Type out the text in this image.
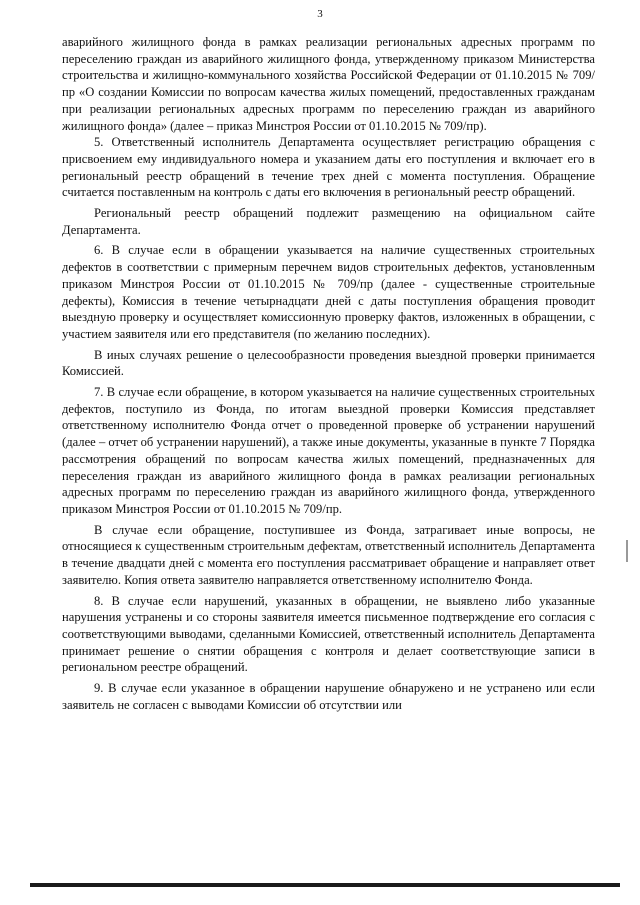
3

аварийного жилищного фонда в рамках реализации региональных адресных программ по переселению граждан из аварийного жилищного фонда, утвержденному приказом Министерства строительства и жилищно-коммунального хозяйства Российской Федерации от 01.10.2015 № 709/пр «О создании Комиссии по вопросам качества жилых помещений, предоставленных гражданам при реализации региональных адресных программ по переселению граждан из аварийного жилищного фонда» (далее – приказ Минстроя России от 01.10.2015 № 709/пр).

5. Ответственный исполнитель Департамента осуществляет регистрацию обращения с присвоением ему индивидуального номера и указанием даты его поступления и включает его в региональный реестр обращений в течение трех дней с момента поступления. Обращение считается поставленным на контроль с даты его включения в региональный реестр обращений.

Региональный реестр обращений подлежит размещению на официальном сайте Департамента.

6. В случае если в обращении указывается на наличие существенных строительных дефектов в соответствии с примерным перечнем видов строительных дефектов, установленным приказом Минстроя России от 01.10.2015 № 709/пр (далее - существенные строительные дефекты), Комиссия в течение четырнадцати дней с даты поступления обращения проводит выездную проверку и осуществляет комиссионную проверку фактов, изложенных в обращении, с участием заявителя или его представителя (по желанию последних).

В иных случаях решение о целесообразности проведения выездной проверки принимается Комиссией.

7. В случае если обращение, в котором указывается на наличие существенных строительных дефектов, поступило из Фонда, по итогам выездной проверки Комиссия представляет ответственному исполнителю Фонда отчет о проведенной проверке об устранении нарушений (далее – отчет об устранении нарушений), а также иные документы, указанные в пункте 7 Порядка рассмотрения обращений по вопросам качества жилых помещений, предназначенных для переселения граждан из аварийного жилищного фонда в рамках реализации региональных адресных программ по переселению граждан из аварийного жилищного фонда, утвержденного приказом Минстроя России от 01.10.2015 № 709/пр.

В случае если обращение, поступившее из Фонда, затрагивает иные вопросы, не относящиеся к существенным строительным дефектам, ответственный исполнитель Департамента в течение двадцати дней с момента его поступления рассматривает обращение и направляет ответ заявителю. Копия ответа заявителю направляется ответственному исполнителю Фонда.

8. В случае если нарушений, указанных в обращении, не выявлено либо указанные нарушения устранены и со стороны заявителя имеется письменное подтверждение его согласия с соответствующими выводами, сделанными Комиссией, ответственный исполнитель Департамента принимает решение о снятии обращения с контроля и делает соответствующие записи в региональном реестре обращений.

9. В случае если указанное в обращении нарушение обнаружено и не устранено или если заявитель не согласен с выводами Комиссии об отсутствии или
